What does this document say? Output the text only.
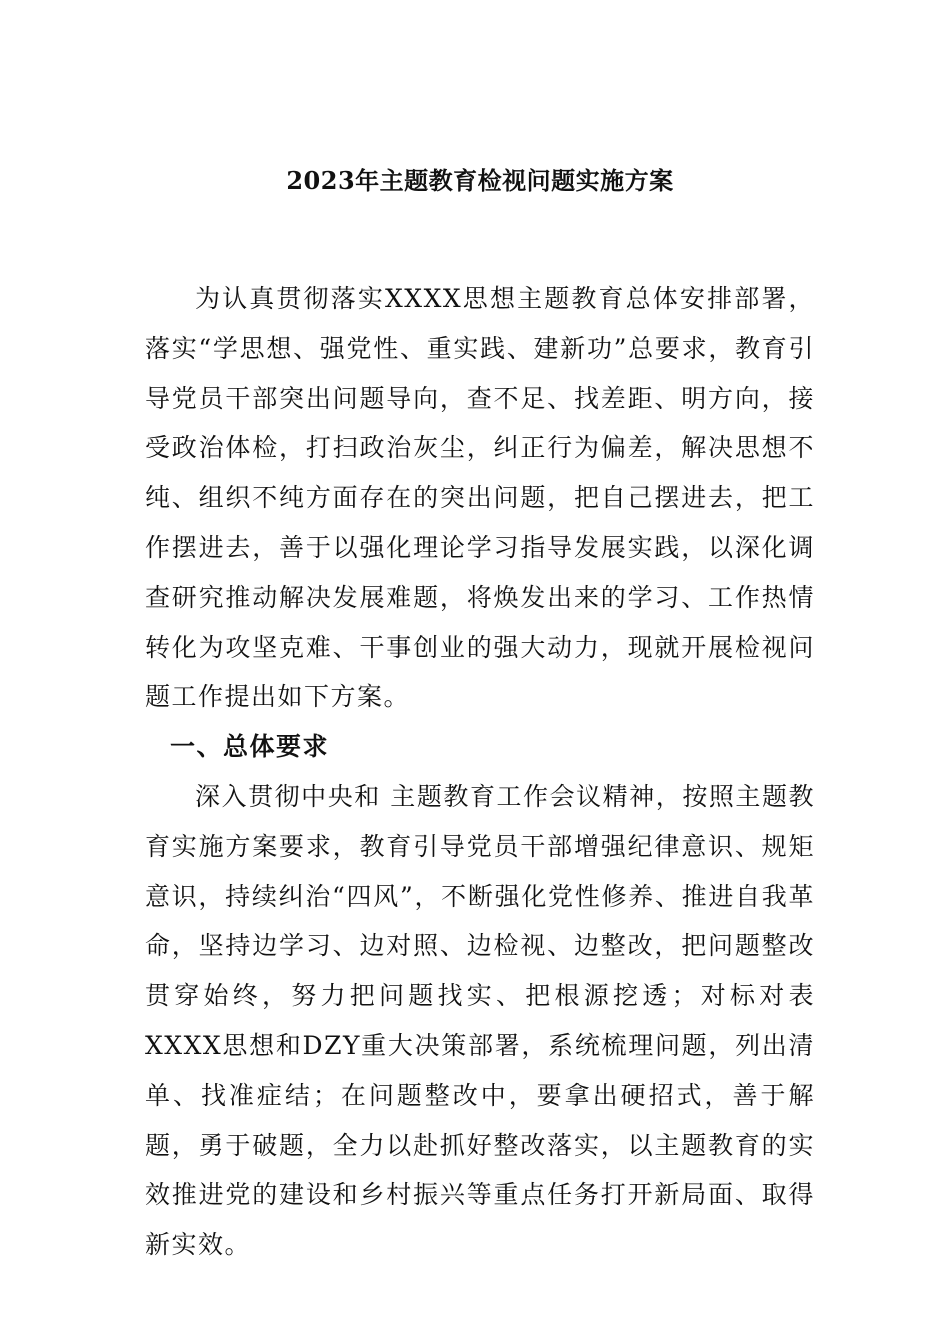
2023年主题教育检视问题实施方案

为认真贯彻落实XXXX思想主题教育总体安排部署，落实“学思想、强党性、重实践、建新功”总要求，教育引导党员干部突出问题导向，查不足、找差距、明方向，接受政治体检，打扫政治灰尘，纠正行为偏差，解决思想不纯、组织不纯方面存在的突出问题，把自己摆进去，把工作摆进去，善于以强化理论学习指导发展实践，以深化调查研究推动解决发展难题，将焕发出来的学习、工作热情转化为攻坚克难、干事创业的强大动力，现就开展检视问题工作提出如下方案。

一、总体要求

深入贯彻中央和 主题教育工作会议精神，按照主题教育实施方案要求，教育引导党员干部增强纪律意识、规矩意识，持续纠治“四风”，不断强化党性修养、推进自我革命，坚持边学习、边对照、边检视、边整改，把问题整改贯穿始终，努力把问题找实、把根源挖透；对标对表XXXX思想和DZY重大决策部署，系统梳理问题，列出清单、找准症结；在问题整改中，要拿出硬招式，善于解题，勇于破题，全力以赴抓好整改落实，以主题教育的实效推进党的建设和乡村振兴等重点任务打开新局面、取得新实效。
